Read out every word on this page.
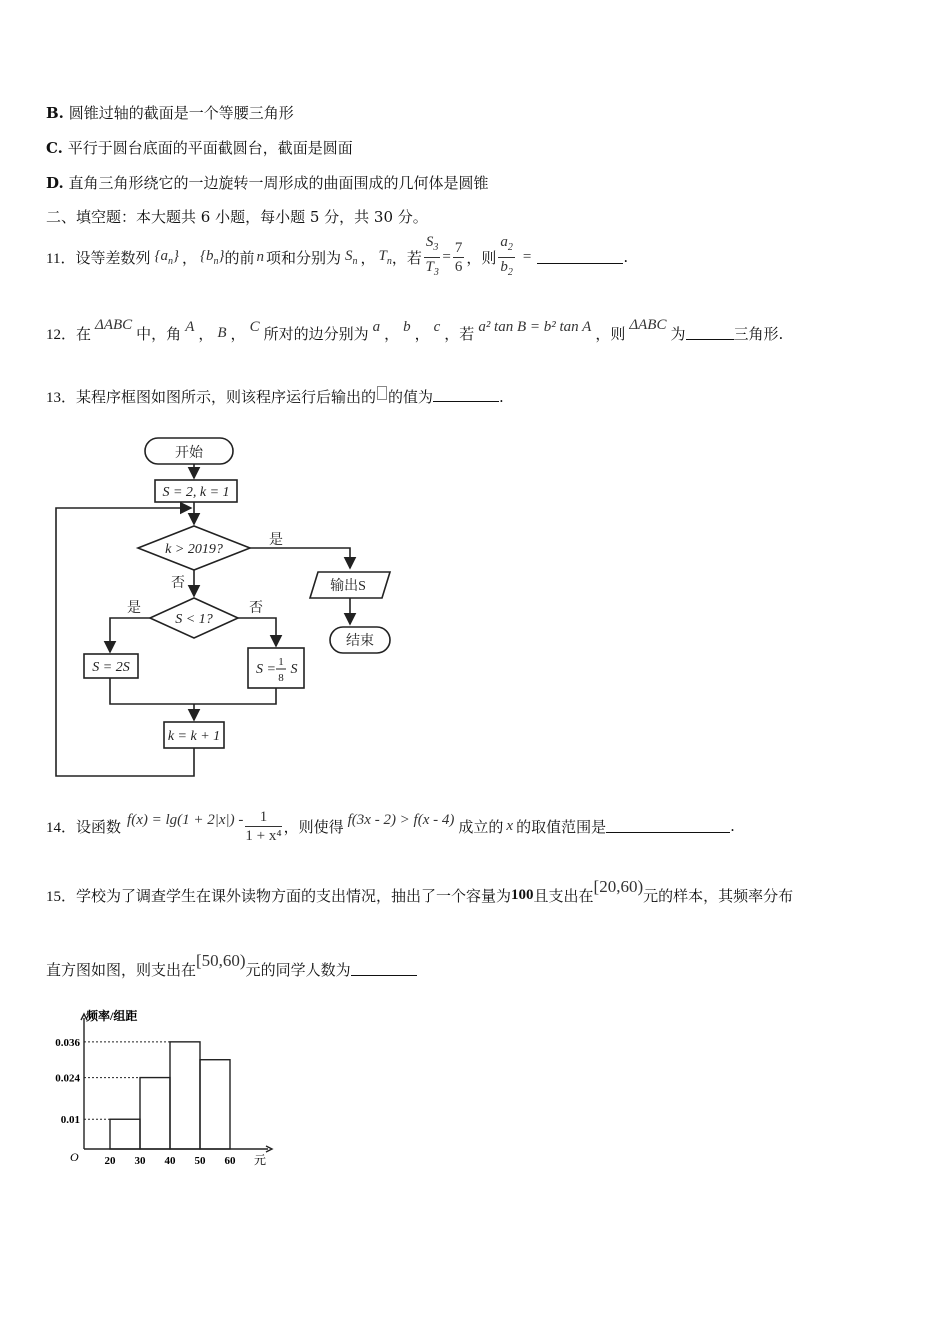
B. 圆锥过轴的截面是一个等腰三角形
C. 平行于圆台底面的平面截圆台，截面是圆面
D. 直角三角形绕它的一边旋转一周形成的曲面围成的几何体是圆锥
二、填空题：本大题共 6 小题，每小题 5 分，共 30 分。
11． 设等差数列 $\{a_n\}$ ， $\{b_n\}$ 的前 n 项和分别为 $S_n$ ， $T_n$ ，若 $\frac{S_3}{T_3} = \frac{7}{6}$ ，则 $\frac{a_2}{b_2}$ =	.
12． 在 ΔABC 中，角 A ， B ， C 所对的边分别为 a ， b ， c ，若 a² tan B = b² tan A ，则 ΔABC 为	三角形.
13．某程序框图如图所示，则该程序运行后输出的 的值为	.
开始
S = 2, k = 1
k > 2019?
是
否	输出S
结束
S < 1?
是	否
S = 2S	S = 1
8
S
k = k + 1
14． 设函数 $f(x) = \lg(1 + 2|x|) - \frac{1}{\text{1 + x⁴}}$ ，则使得 f(3x - 2) > f(x - 4) 成立的 x 的取值范围是	.
15． 学校为了调查学生在课外读物方面的支出情况，抽出了一个容量为 100 且支出在 [20,60) 元的样本，其频率分布
直方图如图，则支出在 [50,60) 元的同学人数为
频率/组距
元
O
0.036
0.024
0.01
20 30 40 50 60
